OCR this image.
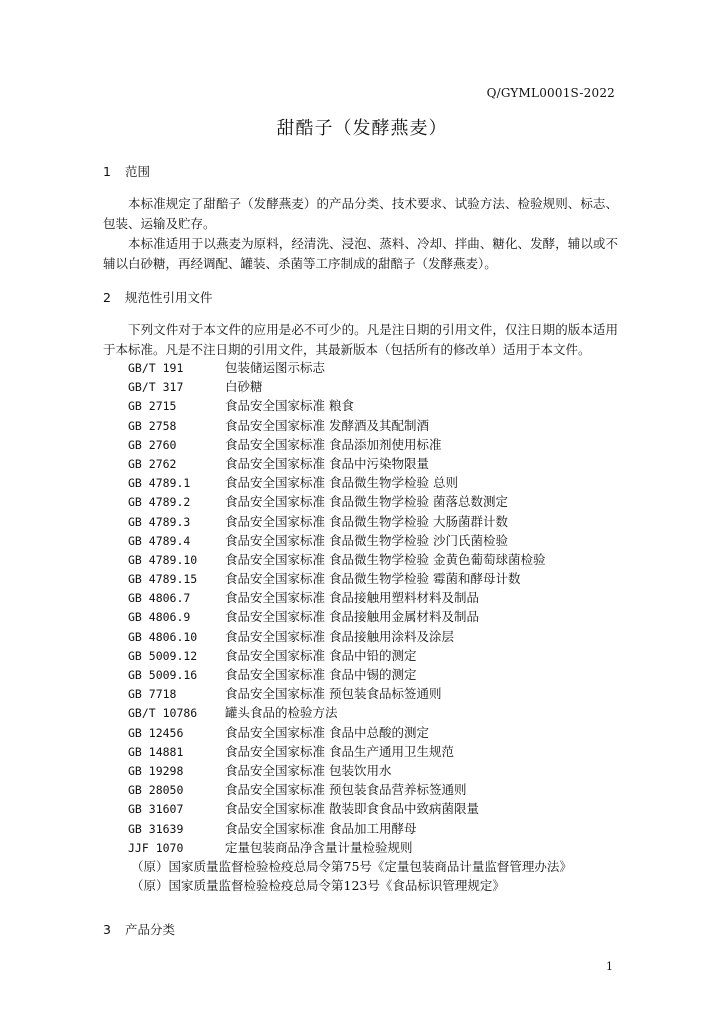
Q/GYML0001S-2022
甜酷子（发酵燕麦）
1 范围
本标准规定了甜醅子（发酵燕麦）的产品分类、技术要求、试验方法、检验规则、标志、包装、运输及贮存。
本标准适用于以燕麦为原料，经清洗、浸泡、蒸料、冷却、拌曲、糖化、发酵，辅以或不辅以白砂糖，再经调配、罐装、杀菌等工序制成的甜醅子（发酵燕麦）。
2 规范性引用文件
下列文件对于本文件的应用是必不可少的。凡是注日期的引用文件，仅注日期的版本适用于本标准。凡是不注日期的引用文件，其最新版本（包括所有的修改单）适用于本文件。
GB/T 191	包装储运图示标志
GB/T 317	白砂糖
GB 2715	食品安全国家标准 粮食
GB 2758	食品安全国家标准 发酵酒及其配制酒
GB 2760	食品安全国家标准 食品添加剂使用标准
GB 2762	食品安全国家标准 食品中污染物限量
GB 4789.1	食品安全国家标准 食品微生物学检验 总则
GB 4789.2	食品安全国家标准 食品微生物学检验 菌落总数测定
GB 4789.3	食品安全国家标准 食品微生物学检验 大肠菌群计数
GB 4789.4	食品安全国家标准 食品微生物学检验 沙门氏菌检验
GB 4789.10 食品安全国家标准 食品微生物学检验 金黄色葡萄球菌检验
GB 4789.15 食品安全国家标准 食品微生物学检验 霉菌和酵母计数
GB 4806.7	食品安全国家标准 食品接触用塑料材料及制品
GB 4806.9	食品安全国家标准 食品接触用金属材料及制品
GB 4806.10 食品安全国家标准 食品接触用涂料及涂层
GB 5009.12 食品安全国家标准 食品中铅的测定
GB 5009.16 食品安全国家标准 食品中锡的测定
GB 7718	食品安全国家标准 预包装食品标签通则
GB/T 10786 罐头食品的检验方法
GB 12456	食品安全国家标准 食品中总酸的测定
GB 14881	食品安全国家标准 食品生产通用卫生规范
GB 19298	食品安全国家标准 包装饮用水
GB 28050	食品安全国家标准 预包装食品营养标签通则
GB 31607	食品安全国家标准 散装即食食品中致病菌限量
GB 31639	食品安全国家标准 食品加工用酵母
JJF 1070	定量包装商品净含量计量检验规则
（原）国家质量监督检验检疫总局令第75号《定量包装商品计量监督管理办法》
（原）国家质量监督检验检疫总局令第123号《食品标识管理规定》
3 产品分类
1
